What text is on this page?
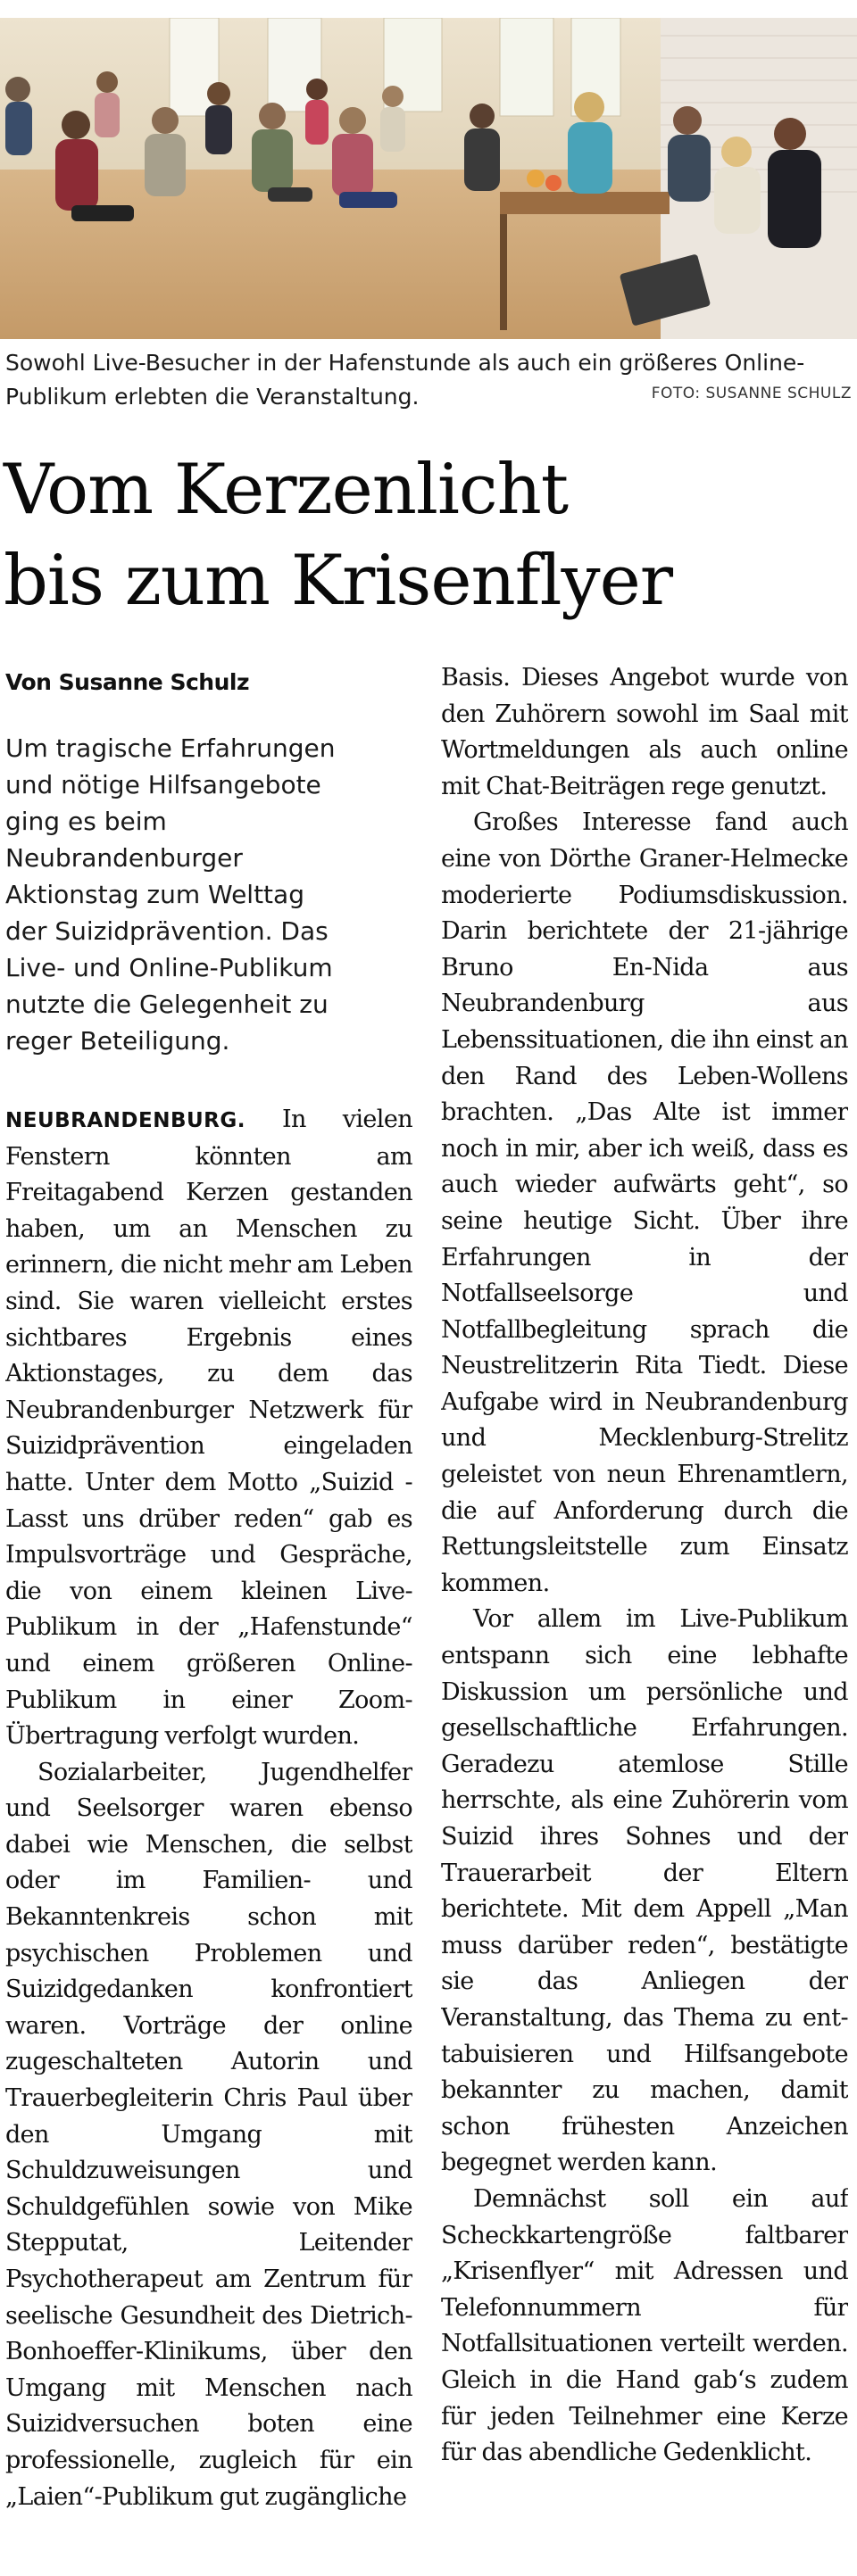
Sowohl Live-Besucher in der Hafenstunde als auch ein größeres Online-Publikum erlebten die Veranstaltung.	FOTO: SUSANNE SCHULZ
Vom Kerzenlicht
bis zum Krisenflyer
Von Susanne Schulz
Um tragische Erfahrungen
und nötige Hilfsangebote
ging es beim
Neubrandenburger
Aktionstag zum Welttag
der Suizidprävention. Das
Live- und Online-Publikum
nutzte die Gelegenheit zu
reger Beteiligung.

NEUBRANDENBURG. In vielen Fenstern könnten am Freitagabend Kerzen gestanden haben, um an Menschen zu erinnern, die nicht mehr am Leben sind. Sie waren vielleicht erstes sichtbares Ergebnis eines Aktionstages, zu dem das Neubrandenburger Netzwerk für Suizidprävention eingeladen hatte. Unter dem Motto „Suizid - Lasst uns drüber reden“ gab es Impulsvorträge und Gespräche, die von einem kleinen Live-Publikum in der „Hafenstunde“ und einem größeren Online-Publikum in einer Zoom-Übertragung verfolgt wurden.

Sozialarbeiter, Jugendhelfer und Seelsorger waren ebenso dabei wie Menschen, die selbst oder im Familien- und Bekanntenkreis schon mit psychischen Problemen und Suizidgedanken konfrontiert waren. Vorträge der online zugeschalteten Autorin und Trauerbegleiterin Chris Paul über den Umgang mit Schuldzuweisungen und Schuldgefühlen sowie von Mike Stepputat, Leitender Psychotherapeut am Zentrum für seelische Gesundheit des Dietrich-Bonhoeffer-Klinikums, über den Umgang mit Menschen nach Suizidversuchen boten eine professionelle, zugleich für ein „Laien“-Publikum gut zugängliche

Basis. Dieses Angebot wurde von den Zuhörern sowohl im Saal mit Wortmeldungen als auch online mit Chat-Beiträgen rege genutzt.

Großes Interesse fand auch eine von Dörthe Graner-Helmecke moderierte Podiumsdiskussion. Darin berichtete der 21-jährige Bruno En-Nida aus Neubrandenburg aus Lebenssituationen, die ihn einst an den Rand des Leben-Wollens brachten. „Das Alte ist immer noch in mir, aber ich weiß, dass es auch wieder aufwärts geht“, so seine heutige Sicht. Über ihre Erfahrungen in der Notfallseelsorge und Notfallbegleitung sprach die Neustrelitzerin Rita Tiedt. Diese Aufgabe wird in Neubrandenburg und Mecklenburg-Strelitz geleistet von neun Ehrenamtlern, die auf Anforderung durch die Rettungsleitstelle zum Einsatz kommen.

Vor allem im Live-Publikum entspann sich eine lebhafte Diskussion um persönliche und gesellschaftliche Erfahrungen. Geradezu atemlose Stille herrschte, als eine Zuhörerin vom Suizid ihres Sohnes und der Trauerarbeit der Eltern berichtete. Mit dem Appell „Man muss darüber reden“, bestätigte sie das Anliegen der Veranstaltung, das Thema zu ent-tabuisieren und Hilfsangebote bekannter zu machen, damit schon frühesten Anzeichen begegnet werden kann.

Demnächst soll ein auf Scheckkartengröße faltbarer „Krisenflyer“ mit Adressen und Telefonnummern für Notfallsituationen verteilt werden. Gleich in die Hand gab‘s zudem für jeden Teilnehmer eine Kerze für das abendliche Gedenklicht.
